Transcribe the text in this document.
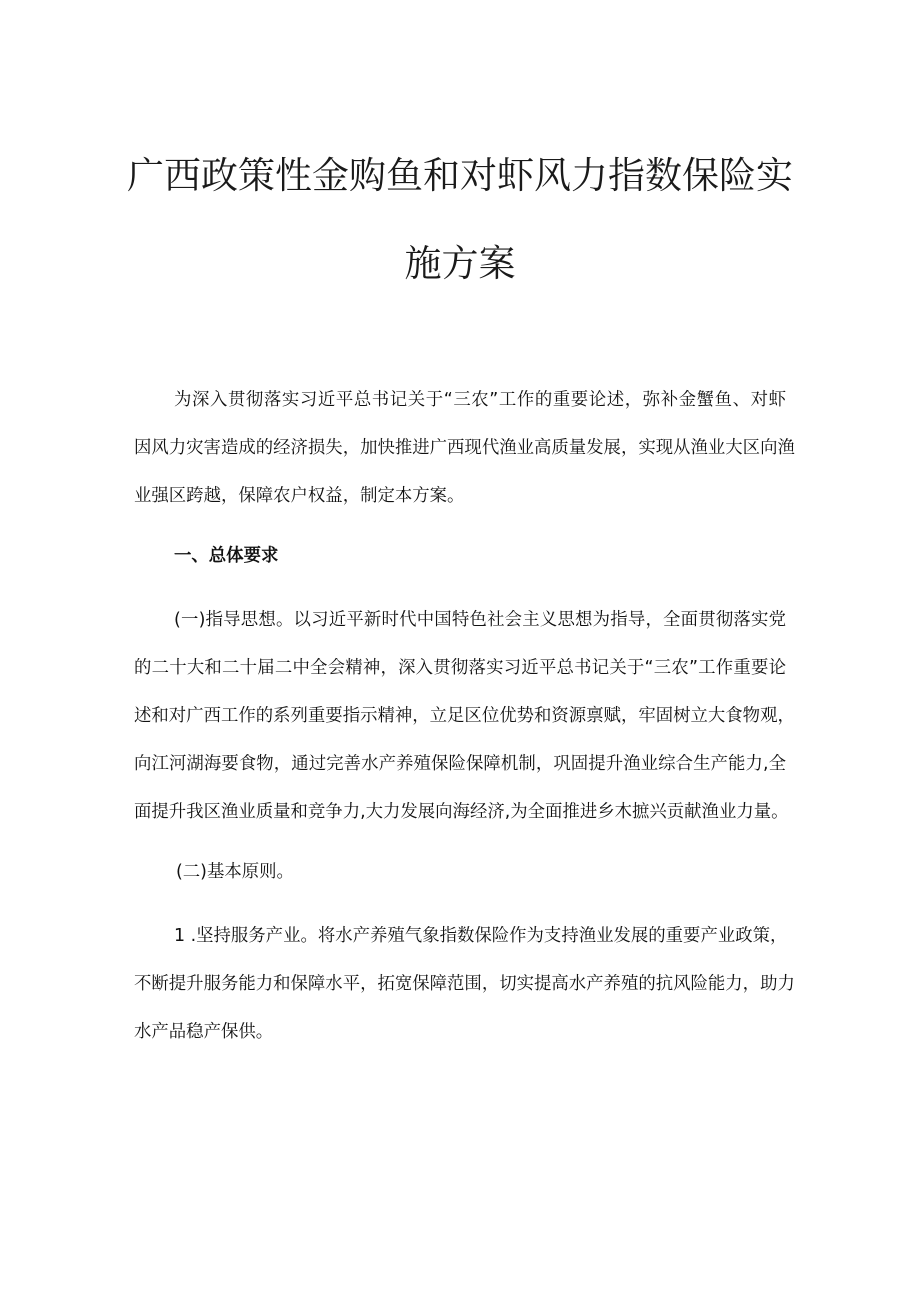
广西政策性金购鱼和对虾风力指数保险实
施方案
为深入贯彻落实习近平总书记关于“三农”工作的重要论述，弥补金蟹鱼、对虾
因风力灾害造成的经济损失，加快推进广西现代渔业高质量发展，实现从渔业大区向渔
业强区跨越，保障农户权益，制定本方案。
一、总体要求
(一)指导思想。以习近平新时代中国特色社会主义思想为指导，全面贯彻落实党
的二十大和二十届二中全会精神，深入贯彻落实习近平总书记关于“三农”工作重要论
述和对广西工作的系列重要指示精神，立足区位优势和资源禀赋，牢固树立大食物观，
向江河湖海要食物，通过完善水产养殖保险保障机制，巩固提升渔业综合生产能力,全
面提升我区渔业质量和竞争力,大力发展向海经济,为全面推进乡木摭兴贡献渔业力量。
(二)基本原则。
1 .坚持服务产业。将水产养殖气象指数保险作为支持渔业发展的重要产业政策，
不断提升服务能力和保障水平，拓宽保障范围，切实提高水产养殖的抗风险能力，助力
水产品稳产保供。
